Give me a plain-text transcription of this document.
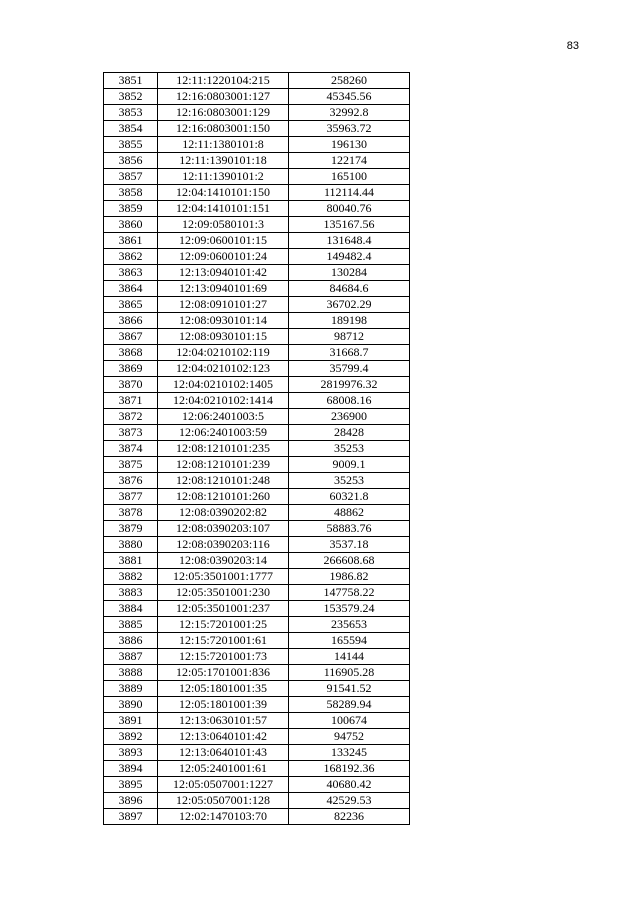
83
3851	12:11:1220104:215	258260
3852	12:16:0803001:127	45345.56
3853	12:16:0803001:129	32992.8
3854	12:16:0803001:150	35963.72
3855	12:11:1380101:8	196130
3856	12:11:1390101:18	122174
3857	12:11:1390101:2	165100
3858	12:04:1410101:150	112114.44
3859	12:04:1410101:151	80040.76
3860	12:09:0580101:3	135167.56
3861	12:09:0600101:15	131648.4
3862	12:09:0600101:24	149482.4
3863	12:13:0940101:42	130284
3864	12:13:0940101:69	84684.6
3865	12:08:0910101:27	36702.29
3866	12:08:0930101:14	189198
3867	12:08:0930101:15	98712
3868	12:04:0210102:119	31668.7
3869	12:04:0210102:123	35799.4
3870	12:04:0210102:1405	2819976.32
3871	12:04:0210102:1414	68008.16
3872	12:06:2401003:5	236900
3873	12:06:2401003:59	28428
3874	12:08:1210101:235	35253
3875	12:08:1210101:239	9009.1
3876	12:08:1210101:248	35253
3877	12:08:1210101:260	60321.8
3878	12:08:0390202:82	48862
3879	12:08:0390203:107	58883.76
3880	12:08:0390203:116	3537.18
3881	12:08:0390203:14	266608.68
3882	12:05:3501001:1777	1986.82
3883	12:05:3501001:230	147758.22
3884	12:05:3501001:237	153579.24
3885	12:15:7201001:25	235653
3886	12:15:7201001:61	165594
3887	12:15:7201001:73	14144
3888	12:05:1701001:836	116905.28
3889	12:05:1801001:35	91541.52
3890	12:05:1801001:39	58289.94
3891	12:13:0630101:57	100674
3892	12:13:0640101:42	94752
3893	12:13:0640101:43	133245
3894	12:05:2401001:61	168192.36
3895	12:05:0507001:1227	40680.42
3896	12:05:0507001:128	42529.53
3897	12:02:1470103:70	82236
